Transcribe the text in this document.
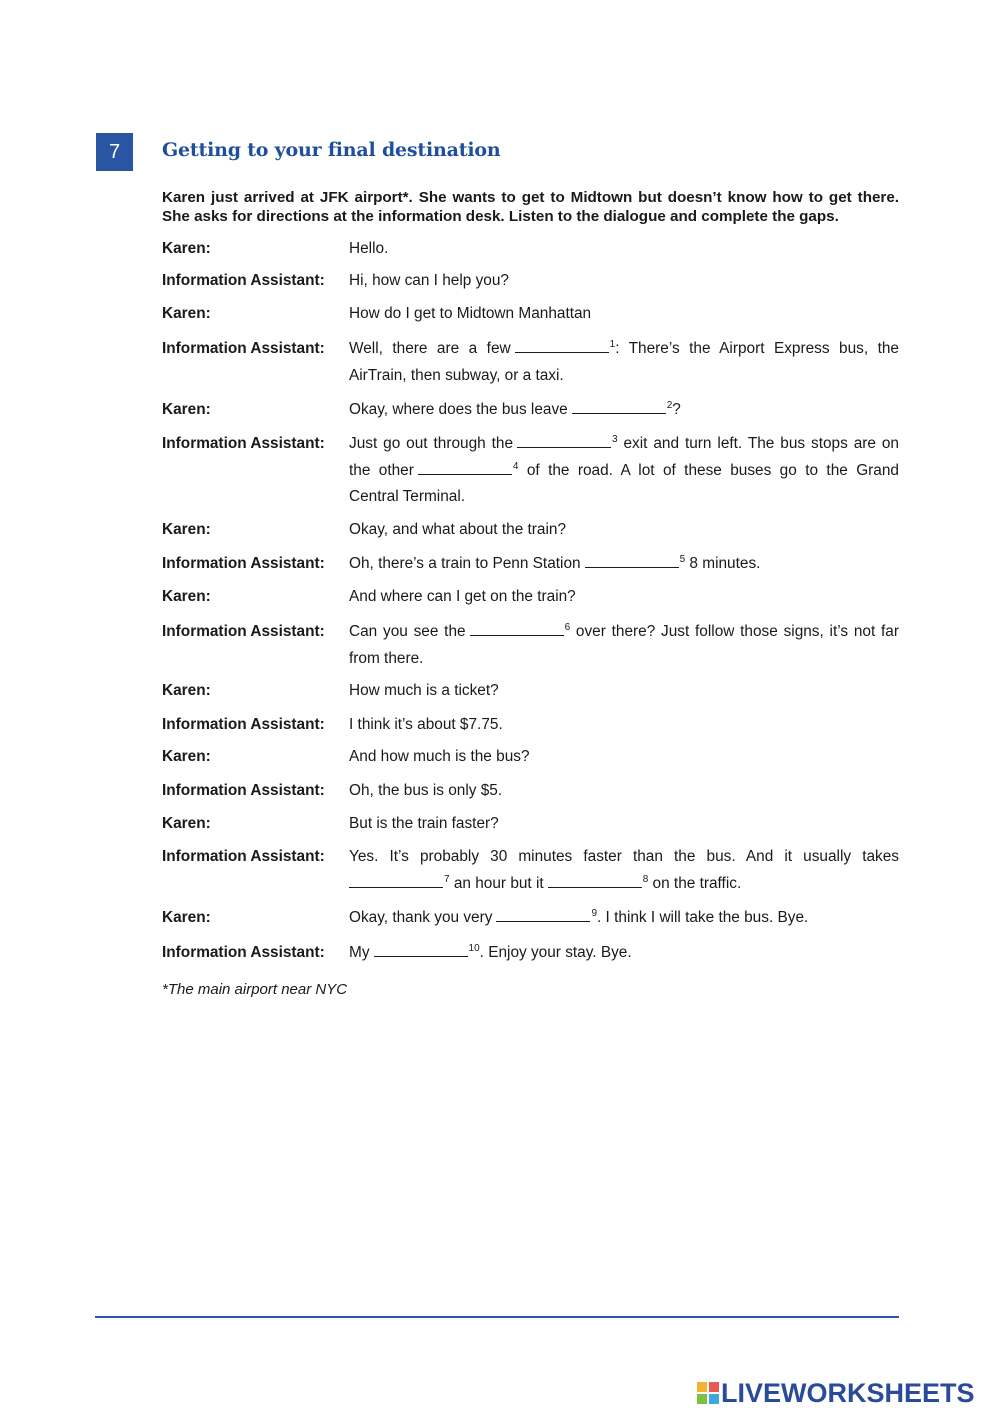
7	Getting to your final destination
Karen just arrived at JFK airport*. She wants to get to Midtown but doesn’t know how to get there. She asks for directions at the information desk. Listen to the dialogue and complete the gaps.
Karen:	Hello.
Information Assistant: Hi, how can I help you?
Karen:	How do I get to Midtown Manhattan
Information Assistant: Well, there are a few	$^1$: There’s the Airport Express bus, the AirTrain, then subway, or a taxi.
Karen:	Okay, where does the bus leave	$^2$?
Information Assistant: Just go out through the	$^3$ exit and turn left. The bus stops are on the other	$^4$ of the road. A lot of these buses go to the Grand Central Terminal.
Karen:	Okay, and what about the train?
Information Assistant: Oh, there’s a train to Penn Station	$^5$ 8 minutes.
Karen:	And where can I get on the train?
Information Assistant: Can you see the	$^6$ over there? Just follow those signs, it’s not far from there.
Karen:	How much is a ticket?
Information Assistant: I think it’s about $7.75.
Karen:	And how much is the bus?
Information Assistant: Oh, the bus is only $5.
Karen:	But is the train faster?
Information Assistant: Yes. It’s probably 30 minutes faster than the bus. And it usually takes $^7$ an hour but it	$^8$ on the traffic.
Karen:	Okay, thank you very	$^9$. I think I will take the bus. Bye.
Information Assistant: My	$^{10}$. Enjoy your stay. Bye.
*The main airport near NYC
LIVEWORKSHEETS
